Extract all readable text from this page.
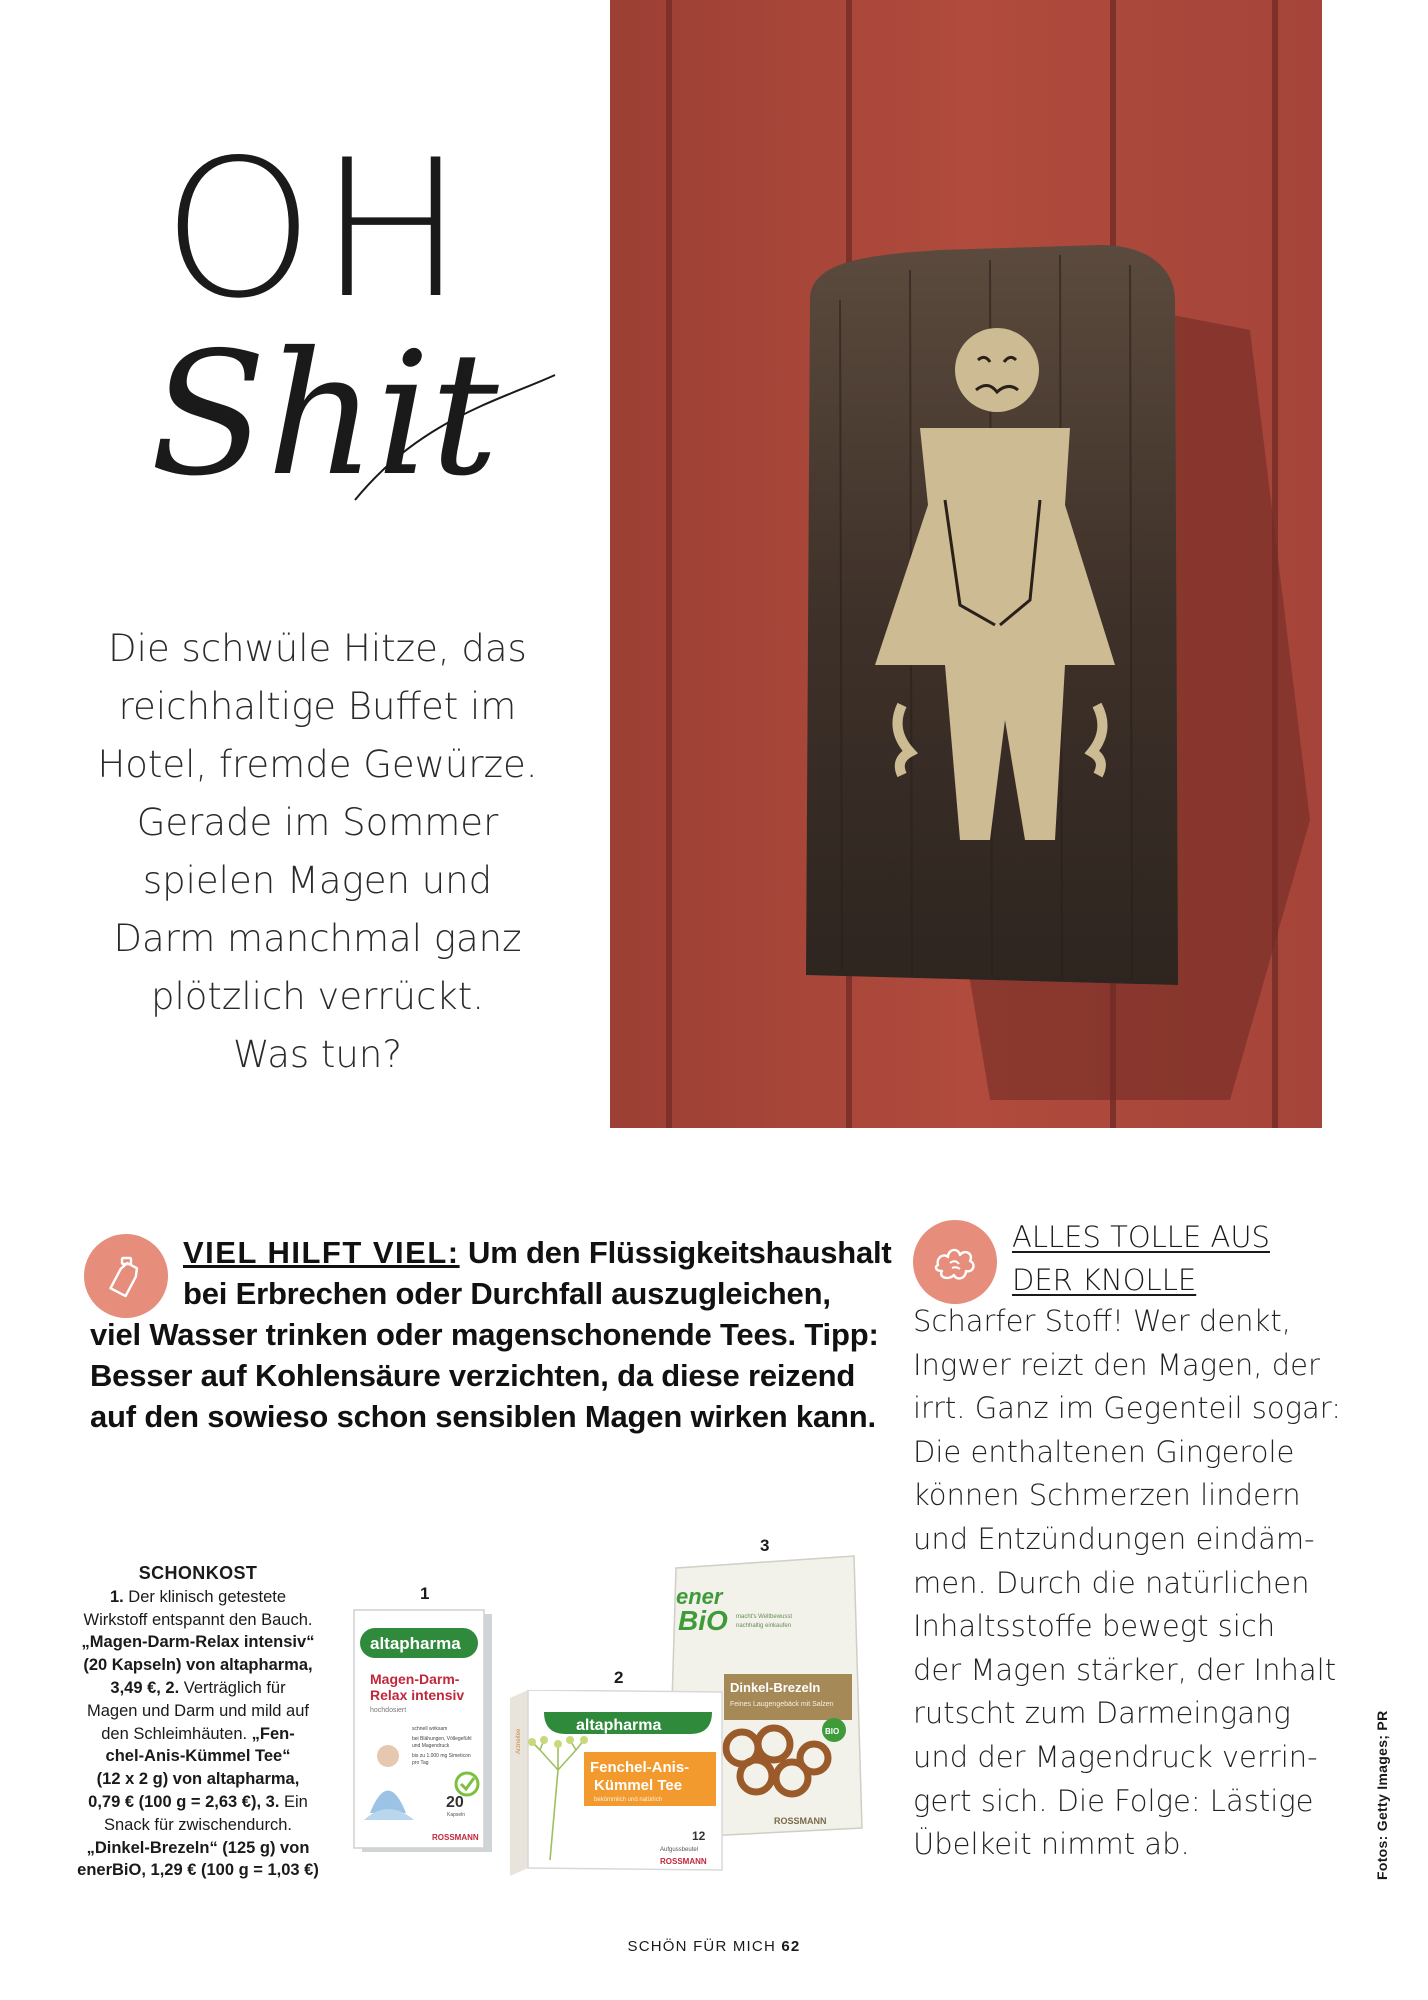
OH
Shit
Die schwüle Hitze, das
reichhaltige Buffet im
Hotel, fremde Gewürze.
Gerade im Sommer
spielen Magen und
Darm manchmal ganz
plötzlich verrückt.
Was tun?
VIEL HILFT VIEL: Um den Flüssigkeitshaushalt
bei Erbrechen oder Durchfall auszugleichen,
viel Wasser trinken oder magenschonende Tees. Tipp:
Besser auf Kohlensäure verzichten, da diese reizend
auf den sowieso schon sensiblen Magen wirken kann.
ALLES TOLLE AUS
DER KNOLLE
Scharfer Stoff! Wer denkt,
Ingwer reizt den Magen, der
irrt. Ganz im Gegenteil sogar:
Die enthaltenen Gingerole
können Schmerzen lindern
und Entzündungen eindäm-
men. Durch die natürlichen
Inhaltsstoffe bewegt sich
der Magen stärker, der Inhalt
rutscht zum Darmeingang
und der Magendruck verrin-
gert sich. Die Folge: Lästige
Übelkeit nimmt ab.
SCHONKOST
1. Der klinisch getestete
Wirkstoff entspannt den Bauch.
„Magen-Darm-Relax intensiv“
(20 Kapseln) von altapharma,
3,49 €, 2. Verträglich für
Magen und Darm und mild auf
den Schleimhäuten. „Fen-
chel-Anis-Kümmel Tee“
(12 x 2 g) von altapharma,
0,79 € (100 g = 2,63 €), 3. Ein
Snack für zwischendurch.
„Dinkel-Brezeln“ (125 g) von
enerBiO, 1,29 € (100 g = 1,03 €)
1
2
3
ener
BiO macht's Weltbewusst
nachhaltig einkaufen
Dinkel-Brezeln
Feines Laugengebäck mit Salzen
BIO
ROSSMANN
altapharma
Magen-Darm-
Relax intensiv
hochdosiert
schnell wirksam
bei Blähungen, Völlegefühl
und Magendruck
bis zu 1.000 mg Simeticon
pro Tag
20
Kapseln
ROSSMANN
Arzneitee
altapharma
Fenchel-Anis-
Kümmel Tee
bekömmlich und natürlich
12
Aufgussbeutel
ROSSMANN
SCHÖN FÜR MICH 62
Fotos: Getty Images; PR
